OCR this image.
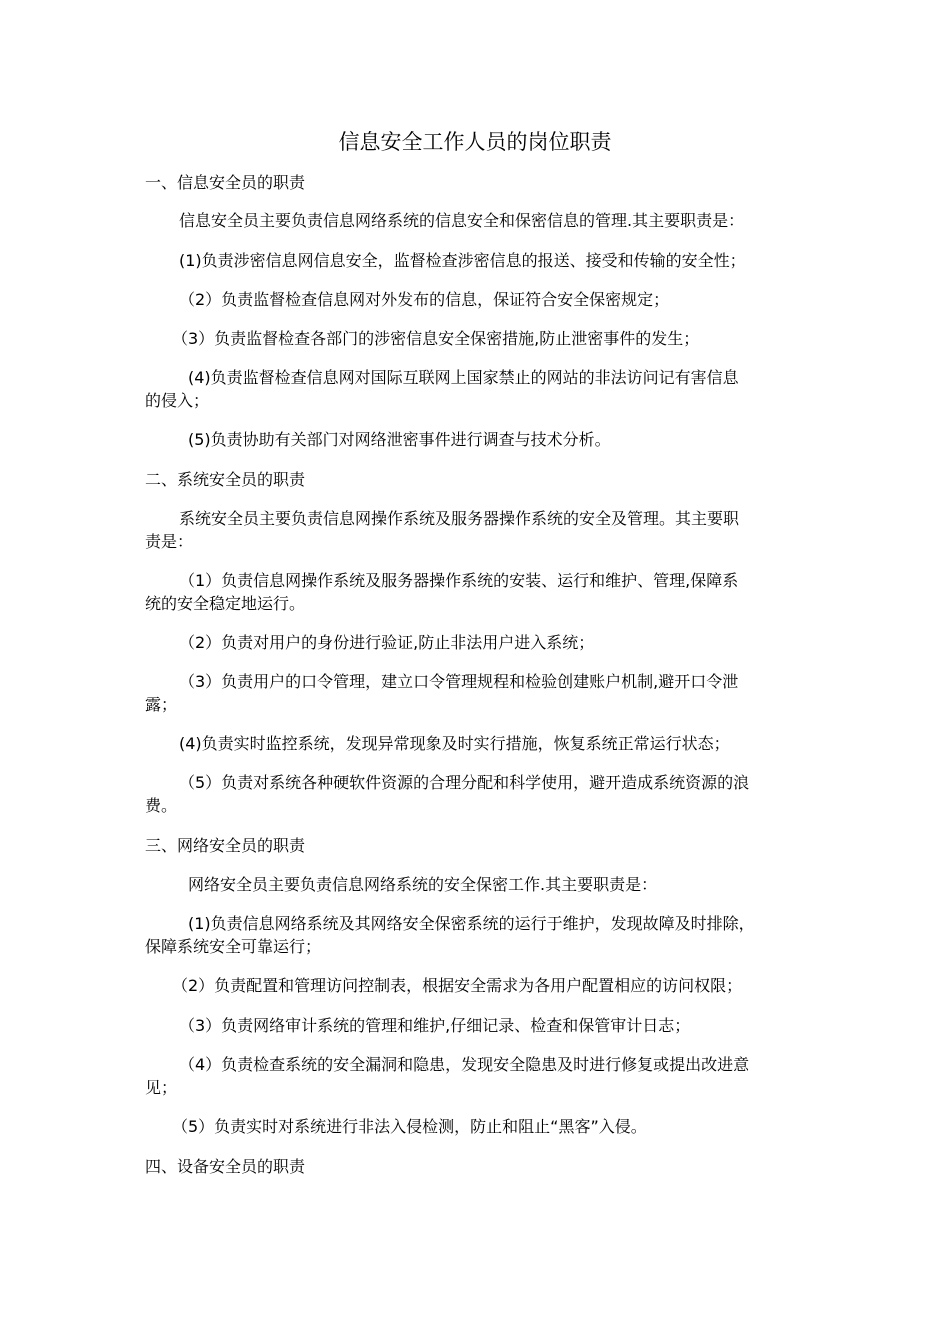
信息安全工作人员的岗位职责
一、信息安全员的职责
信息安全员主要负责信息网络系统的信息安全和保密信息的管理.其主要职责是：
(1)负责涉密信息网信息安全，监督检查涉密信息的报送、接受和传输的安全性；
（2）负责监督检查信息网对外发布的信息，保证符合安全保密规定；
（3）负责监督检查各部门的涉密信息安全保密措施,防止泄密事件的发生；
(4)负责监督检查信息网对国际互联网上国家禁止的网站的非法访问记有害信息
的侵入；
(5)负责协助有关部门对网络泄密事件进行调查与技术分析。
二、系统安全员的职责
系统安全员主要负责信息网操作系统及服务器操作系统的安全及管理。其主要职
责是：
（1）负责信息网操作系统及服务器操作系统的安装、运行和维护、管理,保障系
统的安全稳定地运行。
（2）负责对用户的身份进行验证,防止非法用户进入系统；
（3）负责用户的口令管理，建立口令管理规程和检验创建账户机制,避开口令泄
露；
(4)负责实时监控系统，发现异常现象及时实行措施，恢复系统正常运行状态；
（5）负责对系统各种硬软件资源的合理分配和科学使用，避开造成系统资源的浪
费。
三、网络安全员的职责
网络安全员主要负责信息网络系统的安全保密工作.其主要职责是：
(1)负责信息网络系统及其网络安全保密系统的运行于维护，发现故障及时排除，
保障系统安全可靠运行；
（2）负责配置和管理访问控制表，根据安全需求为各用户配置相应的访问权限；
（3）负责网络审计系统的管理和维护,仔细记录、检查和保管审计日志；
（4）负责检查系统的安全漏洞和隐患，发现安全隐患及时进行修复或提出改进意
见；
（5）负责实时对系统进行非法入侵检测，防止和阻止“黑客”入侵。
四、设备安全员的职责
